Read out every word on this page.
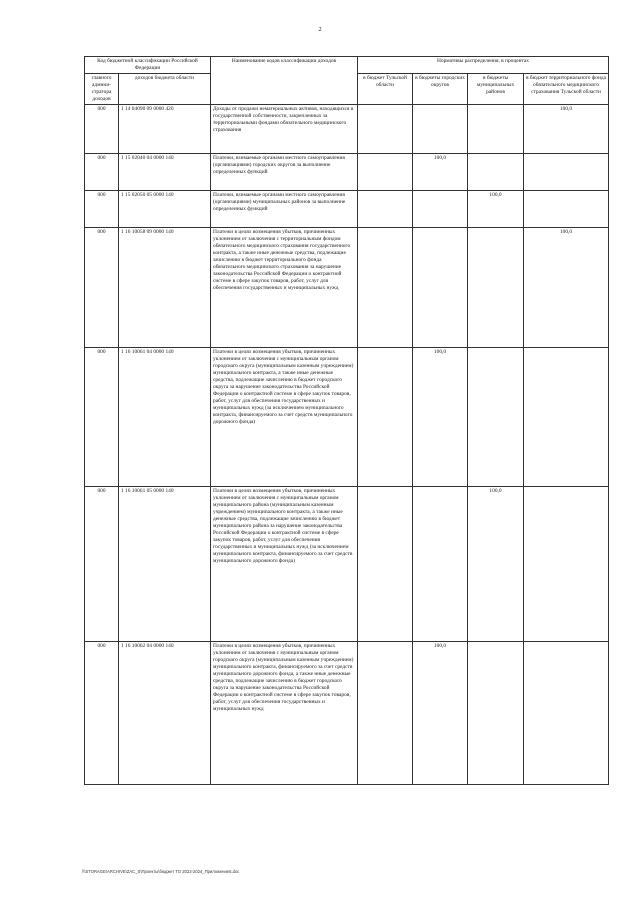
2
Код бюджетной классификации Российской Федерации		Наименование кодов классификации доходов	Нормативы распределения, в процентах			
главного админи-стратора доходов	доходов бюджета области		в бюджет Тульской области	в бюджеты городских округов	в бюджеты муниципальных районов	в бюджет территориального фонда обязательного медицинского страхования Тульской области
000	1 14 04090 09 0000 420	Доходы от продажи нематериальных активов, находящихся в государственной собственности, закрепленных за территориальными фондами обязательного медицинского страхования				100,0
000	1 15 02040 04 0000 140	Платежи, взимаемые органами местного самоуправления (организациями) городских округов за выполнение определенных функций		100,0		
000	1 15 02050 05 0000 140	Платежи, взимаемые органами местного самоуправления (организациями) муниципальных районов за выполнение определенных функций			100,0	
000	1 16 10058 09 0000 140	Платежи в целях возмещения убытков, причиненных уклонением от заключения с территориальным фондом обязательного медицинского страхования государственного контракта, а также иные денежные средства, подлежащие зачислению в бюджет территориального фонда обязательного медицинского страхования за нарушение законодательства Российской Федерации о контрактной системе в сфере закупок товаров, работ, услуг для обеспечения государственных и муниципальных нужд				100,0
000	1 16 10061 04 0000 140	Платежи в целях возмещения убытков, причиненных уклонением от заключения с муниципальным органом городского округа (муниципальным казенным учреждением) муниципального контракта, а также иные денежные средства, подлежащие зачислению в бюджет городского округа за нарушение законодательства Российской Федерации о контрактной системе в сфере закупок товаров, работ, услуг для обеспечения государственных и муниципальных нужд (за исключением муниципального контракта, финансируемого за счет средств муниципального дорожного фонда)		100,0		
000	1 16 10061 05 0000 140	Платежи в целях возмещения убытков, причиненных уклонением от заключения с муниципальным органом муниципального района (муниципальным казенным учреждением) муниципального контракта, а также иные денежные средства, подлежащие зачислению в бюджет муниципального района за нарушение законодательства Российской Федерации о контрактной системе в сфере закупок товаров, работ, услуг для обеспечения государственных и муниципальных нужд (за исключением муниципального контракта, финансируемого за счет средств муниципального дорожного фонда)			100,0	
000	1 16 10062 04 0000 140	Платежи в целях возмещения убытков, причиненных уклонением от заключения с муниципальным органом городского округа (муниципальным казенным учреждением) муниципального контракта, финансируемого за счет средств муниципального дорожного фонда, а также иные денежные средства, подлежащие зачислению в бюджет городского округа за нарушение законодательства Российской Федерации о контрактной системе в сфере закупок товаров, работ, услуг для обеспечения государственных и муниципальных нужд		100,0		
\\\STORAGE\ARCHIVE\ZAC_S\Проекты\бюджет ТО 2022-2024_Приложение5.doc
